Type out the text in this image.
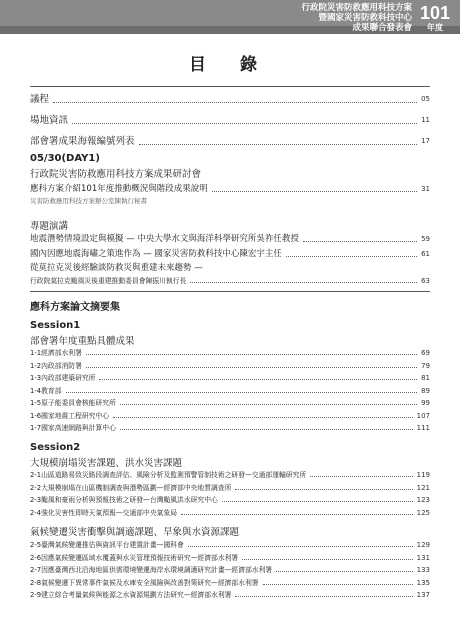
行政院災害防救應用科技方案
暨國家災害防救科技中心
成果聯合發表會
101
年度
目 錄
議程	05
場地資訊	11
部會署成果海報編號列表	17
05/30(DAY1)
行政院災害防救應用科技方案成果研討會
應科方案介紹101年度推動概況與階段成果說明	31
災害防救應用科技方案辦公室陳執行秘書
專題演講
地震潛勢情境設定與模擬 — 中央大學水文與海洋科學研究所吳祚任教授	59
國內因應地震海嘯之策進作為 — 國家災害防救科技中心陳宏宇主任	61
從莫拉克災後經驗談防救災與重建未來趨勢 —
行政院莫拉克颱風災後重建推動委員會陳振川執行長	63
應科方案論文摘要集
Session1
部會署年度重點具體成果
1-1經濟部水利署	69
1-2內政部消防署	79
1-3內政部建築研究所	81
1-4教育部	89
1-5原子能委員會核能研究所	99
1-6國家地震工程研究中心	107
1-7國家高速網路與計算中心	111
Session2
大規模崩塌災害課題、洪水災害課題
2-1山區道路易致災路段調查評估、風險分析及監測預警管制技術之研發—交通部運輸研究所	119
2-2大規模崩塌在山區機制調查與潛勢區劃—經濟部中央地質調查所	121
2-3颱風和豪雨分析與預報技術之研發—台灣颱風洪水研究中心	123
2-4強化災害性即時天氣預報—交通部中央氣象局	125
氣候變遷災害衝擊與調適課題、旱象與水資源課題
2-5臺灣氣候變遷推估與資訊平台建置計畫—國科會	129
2-6因應氣候變遷區域水覆蓋與水災管理預報技術研究—經濟部水利署	131
2-7因應臺灣西北沿海地區供需環境變遷海岸水環境調適研究計畫—經濟部水利署	133
2-8氣候變遷下異常事件氣候及水庫安全風險與改善對策研究—經濟部水利署	135
2-9建立綜合考量氣候與能源之水資源規劃方法研究—經濟部水利署	137
